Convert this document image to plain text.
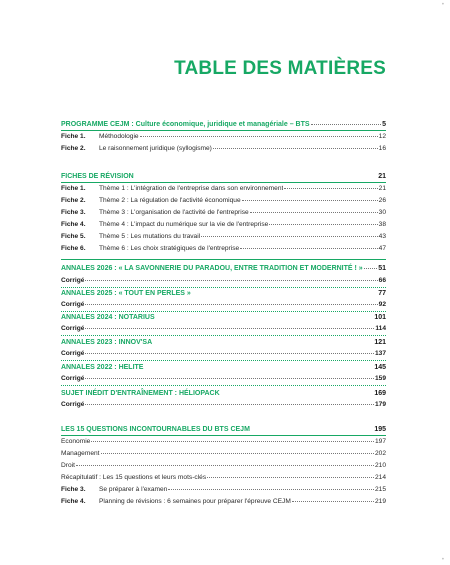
•
•
TABLE DES MATIÈRES
PROGRAMME CEJM : Culture économique, juridique et managériale – BTS	5
Fiche 1.	Méthodologie	12
Fiche 2.	Le raisonnement juridique (syllogisme)	16
FICHES DE RÉVISION	21
Fiche 1.	Thème 1 : L'intégration de l'entreprise dans son environnement	21
Fiche 2.	Thème 2 : La régulation de l'activité économique	26
Fiche 3.	Thème 3 : L'organisation de l'activité de l'entreprise	30
Fiche 4.	Thème 4 : L'impact du numérique sur la vie de l'entreprise	38
Fiche 5.	Thème 5 : Les mutations du travail	43
Fiche 6.	Thème 6 : Les choix stratégiques de l'entreprise	47
ANNALES 2026 : « LA SAVONNERIE DU PARADOU, ENTRE TRADITION ET MODERNITÉ ! » 51
Corrigé	66
ANNALES 2025 : « TOUT EN PERLES »	77
Corrigé	92
ANNALES 2024 : NOTARIUS	101
Corrigé	114
ANNALES 2023 : INNOV'SA	121
Corrigé	137
ANNALES 2022 : HELITE	145
Corrigé	159
SUJET INÉDIT D'ENTRAÎNEMENT : HÉLIOPACK	169
Corrigé	179
LES 15 QUESTIONS INCONTOURNABLES DU BTS CEJM	195
Économie	197
Management	202
Droit	210
Récapitulatif : Les 15 questions et leurs mots-clés	214
Fiche 3.	Se préparer à l'examen	215
Fiche 4.	Planning de révisions : 6 semaines pour préparer l'épreuve CEJM	219
